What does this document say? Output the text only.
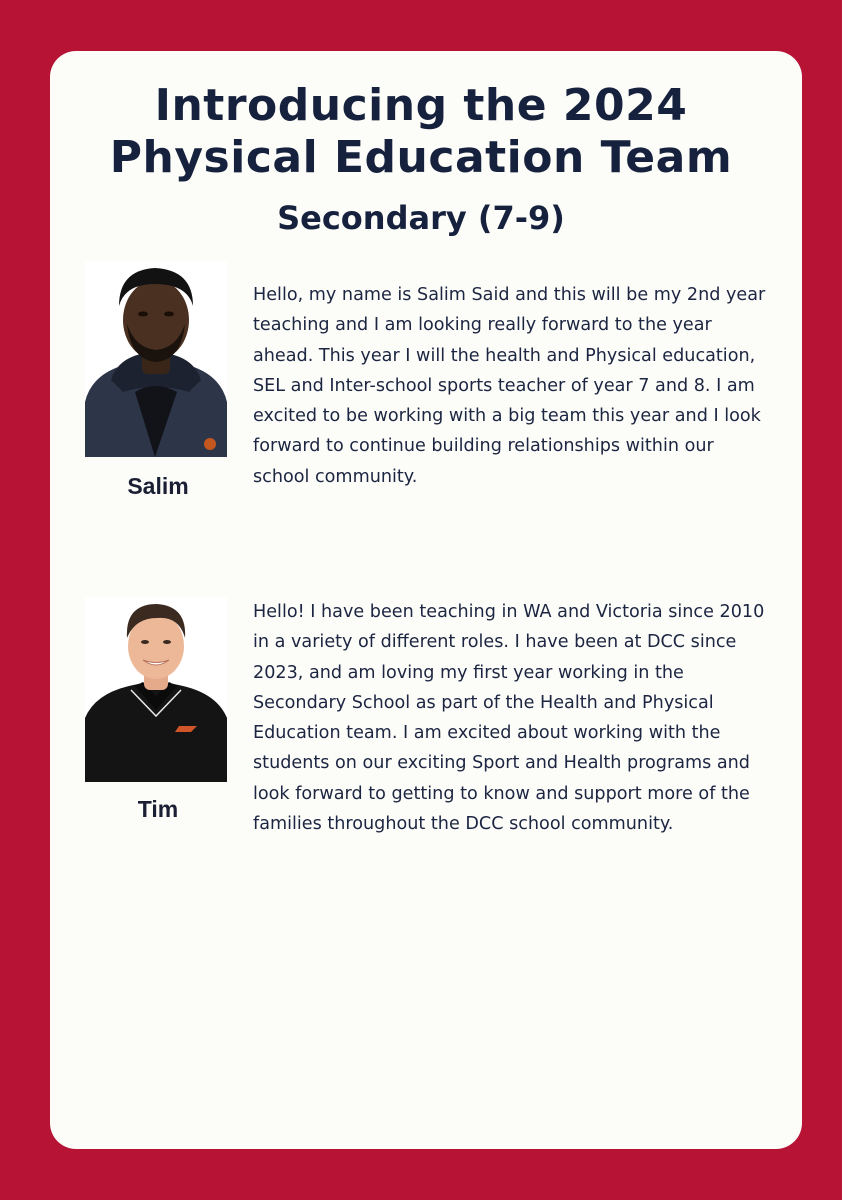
Introducing the 2024
Physical Education Team
Secondary (7-9)
Salim

Hello, my name is Salim Said and this will be my 2nd year teaching and I am looking really forward to the year ahead. This year I will the health and Physical education, SEL and Inter-school sports teacher of year 7 and 8. I am excited to be working with a big team this year and I look forward to continue building relationships within our school community.

Tim

Hello! I have been teaching in WA and Victoria since 2010 in a variety of different roles. I have been at DCC since 2023, and am loving my first year working in the Secondary School as part of the Health and Physical Education team. I am excited about working with the students on our exciting Sport and Health programs and look forward to getting to know and support more of the families throughout the DCC school community.
